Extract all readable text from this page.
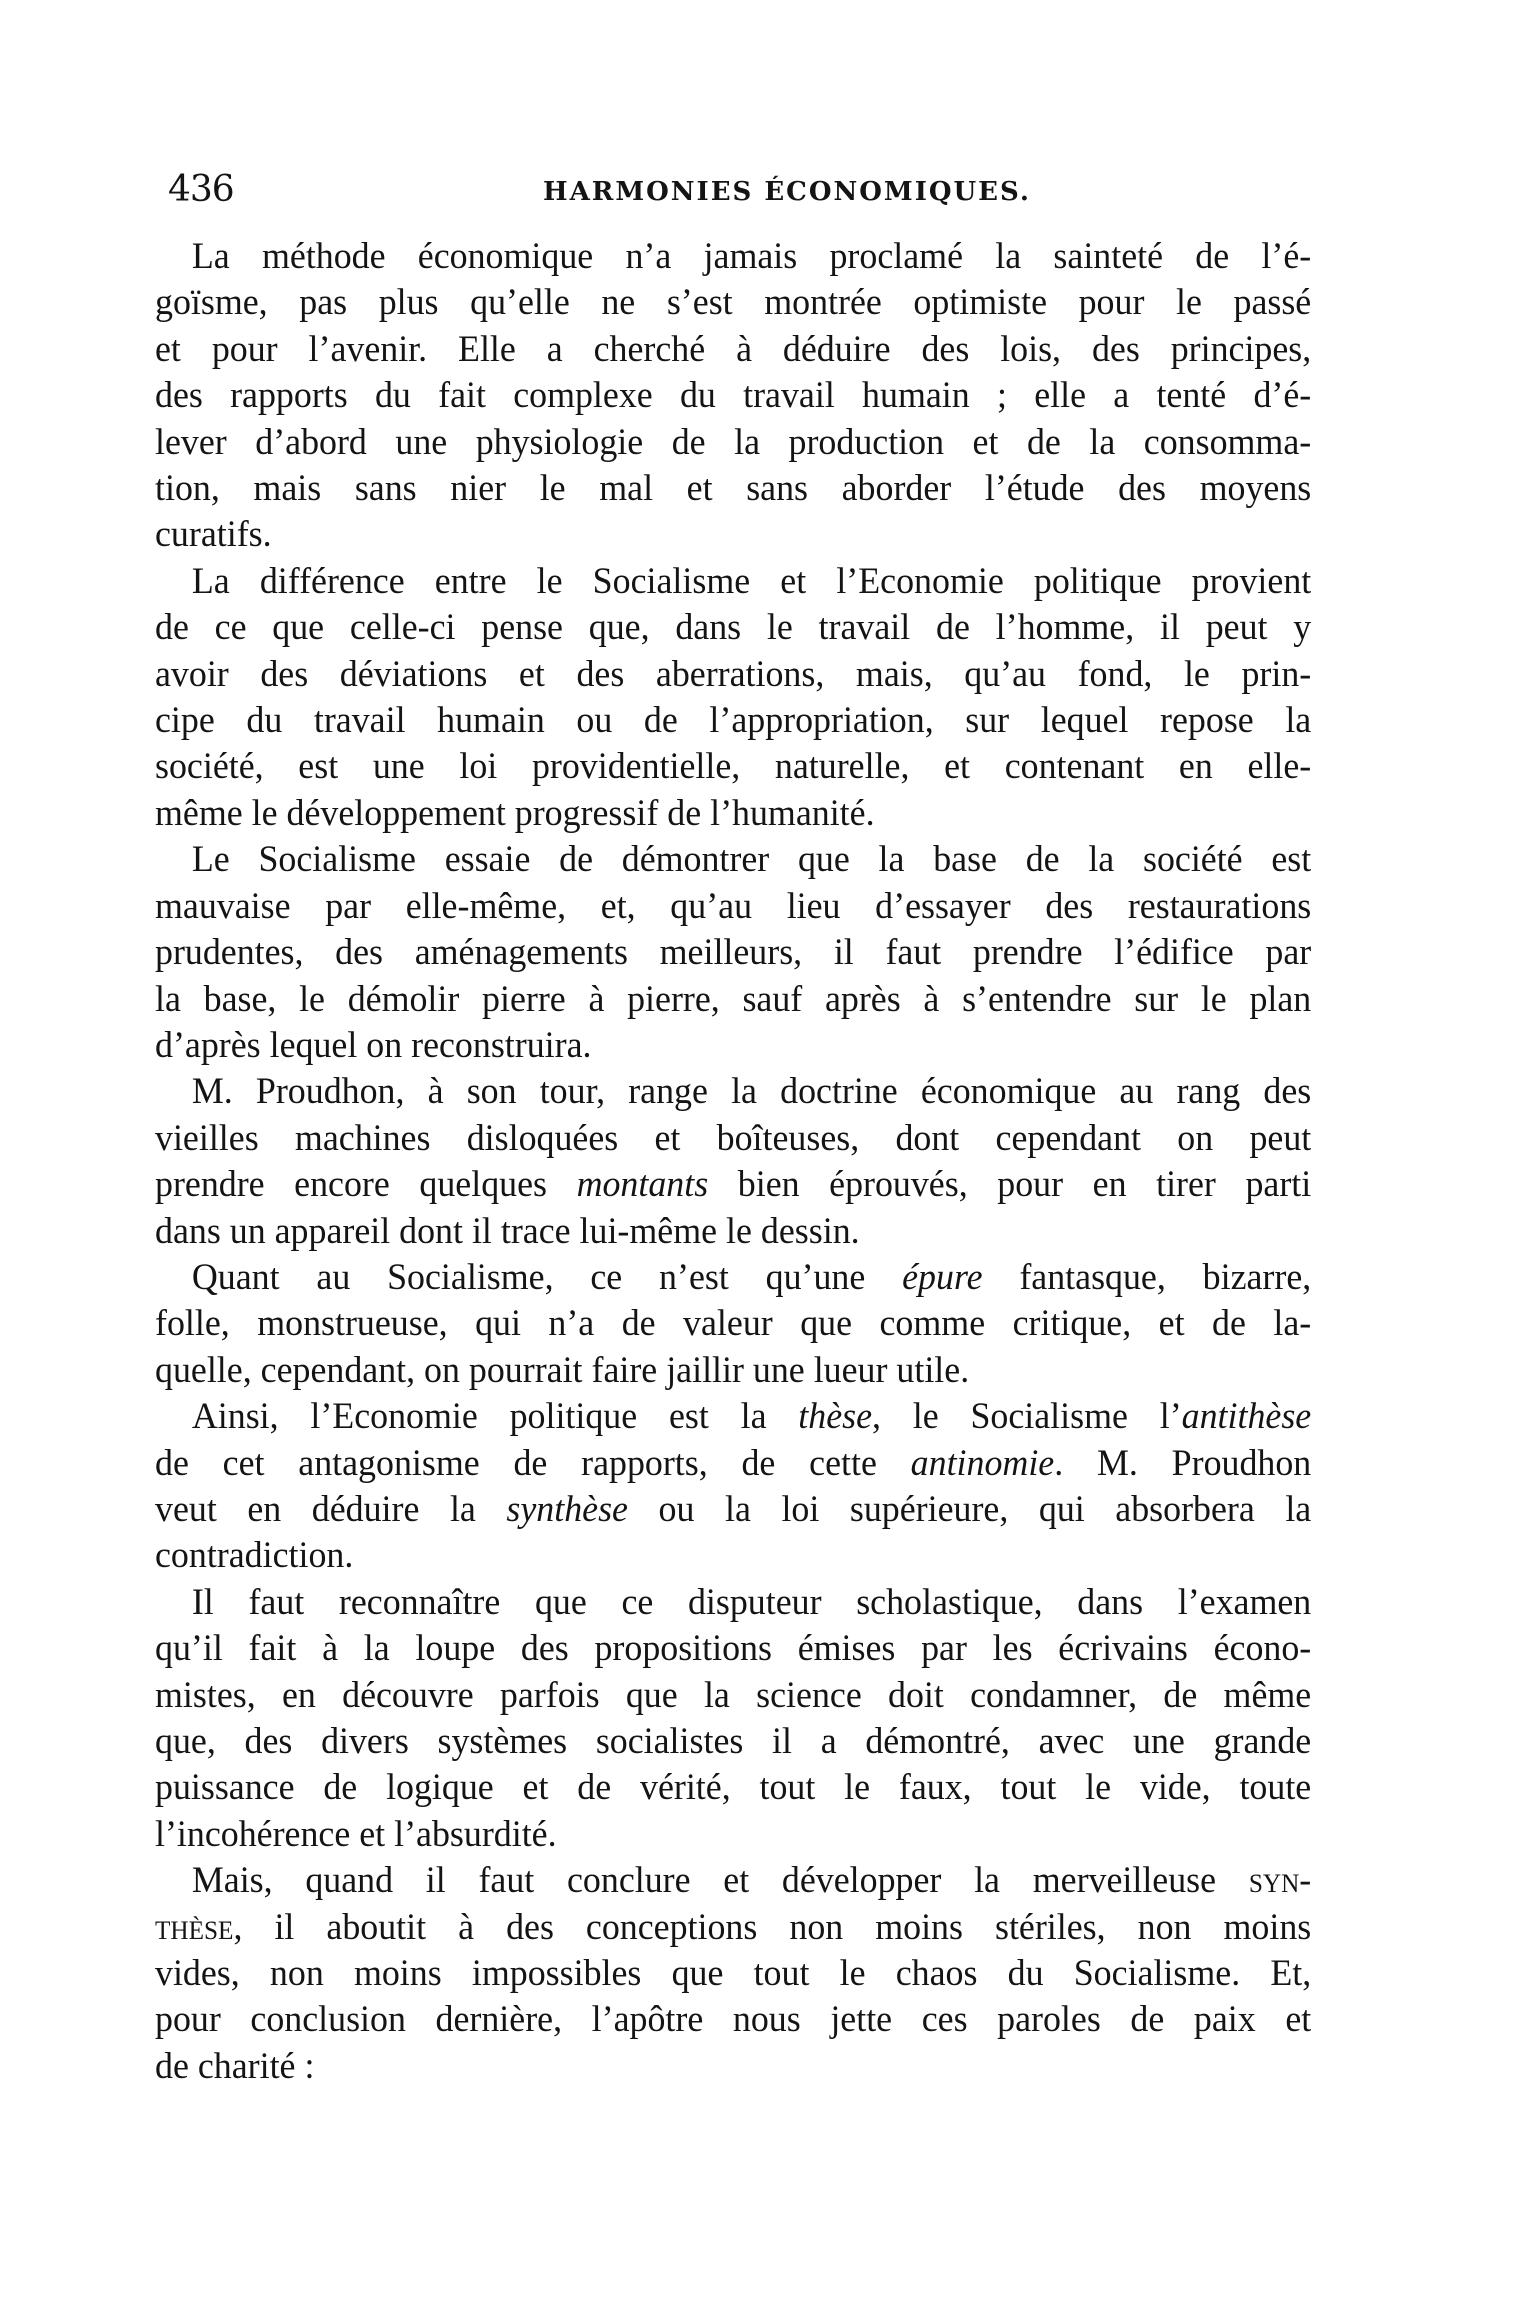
436	HARMONIES ÉCONOMIQUES.

La méthode économique n’a jamais proclamé la sainteté de l’é-
goïsme, pas plus qu’elle ne s’est montrée optimiste pour le passé
et pour l’avenir. Elle a cherché à déduire des lois, des principes,
des rapports du fait complexe du travail humain ; elle a tenté d’é-
lever d’abord une physiologie de la production et de la consomma-
tion, mais sans nier le mal et sans aborder l’étude des moyens
curatifs.

La différence entre le Socialisme et l’Economie politique provient
de ce que celle-ci pense que, dans le travail de l’homme, il peut y
avoir des déviations et des aberrations, mais, qu’au fond, le prin-
cipe du travail humain ou de l’appropriation, sur lequel repose la
société, est une loi providentielle, naturelle, et contenant en elle-
même le développement progressif de l’humanité.

Le Socialisme essaie de démontrer que la base de la société est
mauvaise par elle-même, et, qu’au lieu d’essayer des restaurations
prudentes, des aménagements meilleurs, il faut prendre l’édifice par
la base, le démolir pierre à pierre, sauf après à s’entendre sur le plan
d’après lequel on reconstruira.

M. Proudhon, à son tour, range la doctrine économique au rang des
vieilles machines disloquées et boîteuses, dont cependant on peut
prendre encore quelques montants bien éprouvés, pour en tirer parti
dans un appareil dont il trace lui-même le dessin.

Quant au Socialisme, ce n’est qu’une épure fantasque, bizarre,
folle, monstrueuse, qui n’a de valeur que comme critique, et de la-
quelle, cependant, on pourrait faire jaillir une lueur utile.

Ainsi, l’Economie politique est la thèse, le Socialisme l’antithèse
de cet antagonisme de rapports, de cette antinomie. M. Proudhon
veut en déduire la synthèse ou la loi supérieure, qui absorbera la
contradiction.

Il faut reconnaître que ce disputeur scholastique, dans l’examen
qu’il fait à la loupe des propositions émises par les écrivains écono-
mistes, en découvre parfois que la science doit condamner, de même
que, des divers systèmes socialistes il a démontré, avec une grande
puissance de logique et de vérité, tout le faux, tout le vide, toute
l’incohérence et l’absurdité.

Mais, quand il faut conclure et développer la merveilleuse syn-
thèse, il aboutit à des conceptions non moins stériles, non moins
vides, non moins impossibles que tout le chaos du Socialisme. Et,
pour conclusion dernière, l’apôtre nous jette ces paroles de paix et
de charité :
